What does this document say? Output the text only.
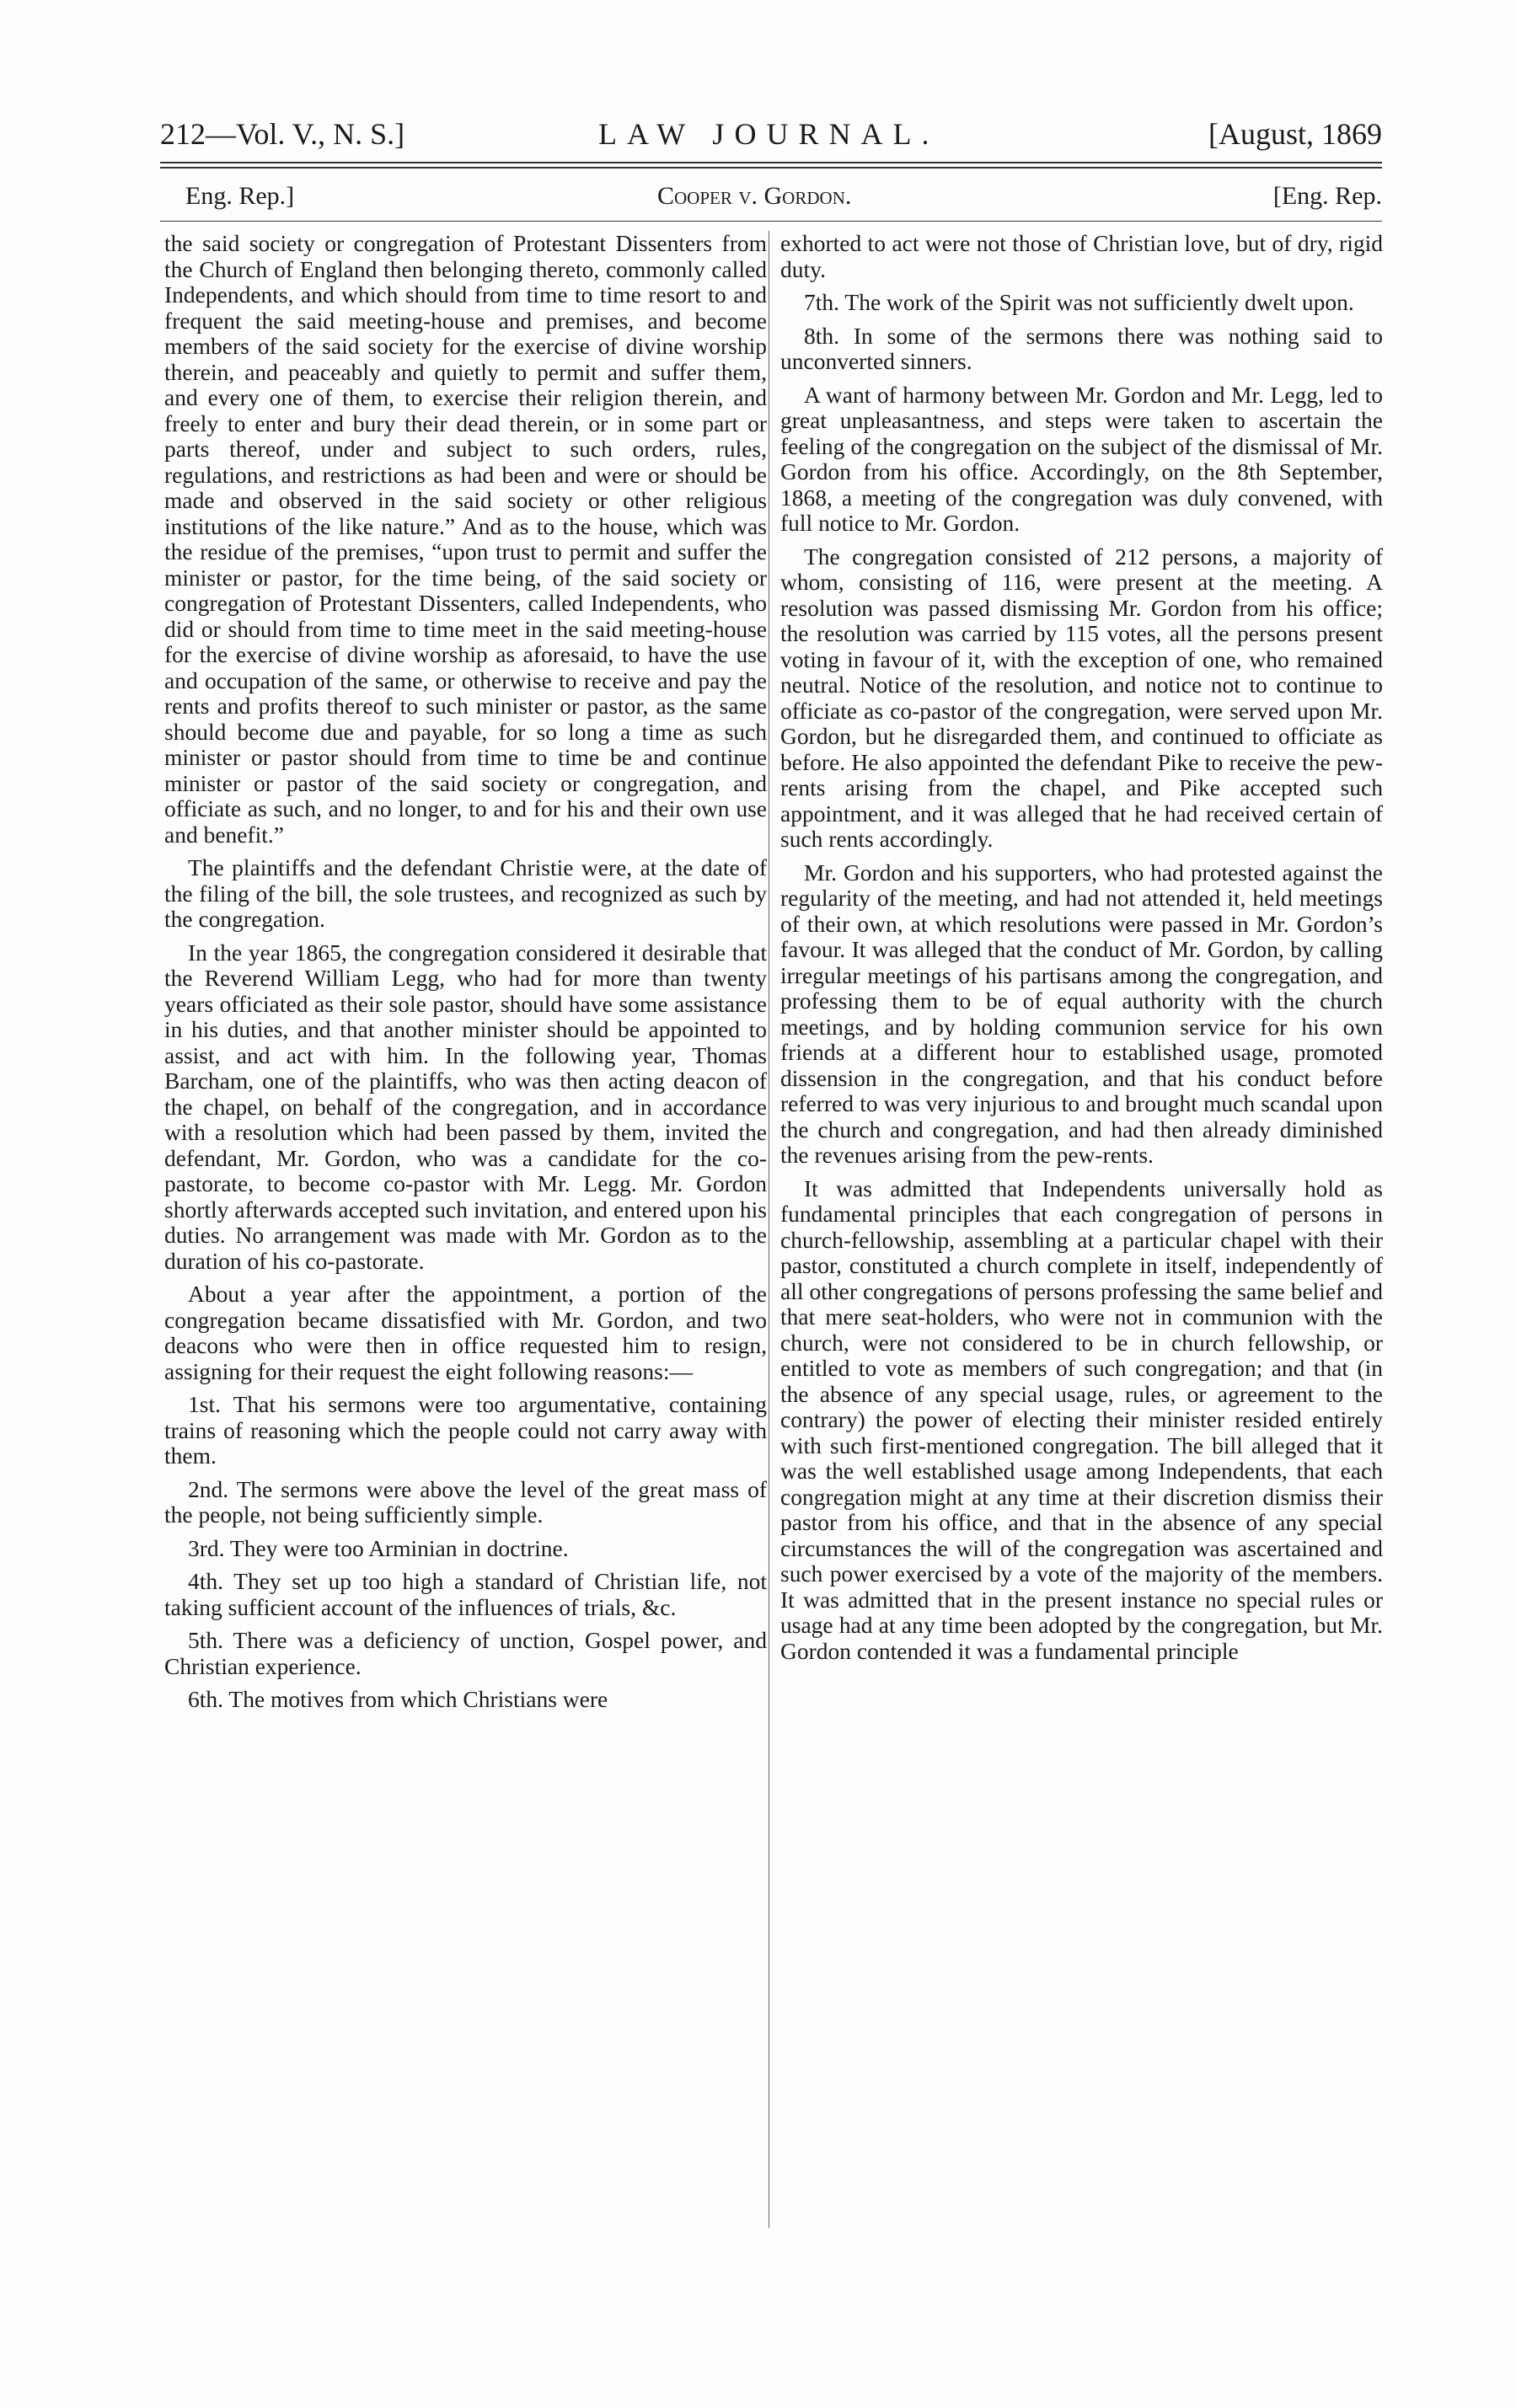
212—Vol. V., N. S.]	LAW JOURNAL.	[August, 1869
Eng. Rep.]	Cooper v. Gordon.	[Eng. Rep.

the said society or congregation of Protestant Dissenters from the Church of England then belonging thereto, commonly called Independents, and which should from time to time resort to and frequent the said meeting-house and premises, and become members of the said society for the exercise of divine worship therein, and peaceably and quietly to permit and suffer them, and every one of them, to exercise their religion therein, and freely to enter and bury their dead therein, or in some part or parts thereof, under and subject to such orders, rules, regulations, and restrictions as had been and were or should be made and observed in the said society or other religious institutions of the like nature.” And as to the house, which was the residue of the premises, “upon trust to permit and suffer the minister or pastor, for the time being, of the said society or congregation of Protestant Dissenters, called Independents, who did or should from time to time meet in the said meeting-house for the exercise of divine worship as aforesaid, to have the use and occupation of the same, or otherwise to receive and pay the rents and profits thereof to such minister or pastor, as the same should become due and payable, for so long a time as such minister or pastor should from time to time be and continue minister or pastor of the said society or congregation, and officiate as such, and no longer, to and for his and their own use and benefit.”

The plaintiffs and the defendant Christie were, at the date of the filing of the bill, the sole trustees, and recognized as such by the congregation.

In the year 1865, the congregation considered it desirable that the Reverend William Legg, who had for more than twenty years officiated as their sole pastor, should have some assistance in his duties, and that another minister should be appointed to assist, and act with him. In the following year, Thomas Barcham, one of the plaintiffs, who was then acting deacon of the chapel, on behalf of the congregation, and in accordance with a resolution which had been passed by them, invited the defendant, Mr. Gordon, who was a candidate for the co-pastorate, to become co-pastor with Mr. Legg. Mr. Gordon shortly afterwards accepted such invitation, and entered upon his duties. No arrangement was made with Mr. Gordon as to the duration of his co-pastorate.

About a year after the appointment, a portion of the congregation became dissatisfied with Mr. Gordon, and two deacons who were then in office requested him to resign, assigning for their request the eight following reasons:—

1st. That his sermons were too argumentative, containing trains of reasoning which the people could not carry away with them.

2nd. The sermons were above the level of the great mass of the people, not being sufficiently simple.

3rd. They were too Arminian in doctrine.

4th. They set up too high a standard of Christian life, not taking sufficient account of the influences of trials, &c.

5th. There was a deficiency of unction, Gospel power, and Christian experience.

6th. The motives from which Christians were

exhorted to act were not those of Christian love, but of dry, rigid duty.

7th. The work of the Spirit was not sufficiently dwelt upon.

8th. In some of the sermons there was nothing said to unconverted sinners.

A want of harmony between Mr. Gordon and Mr. Legg, led to great unpleasantness, and steps were taken to ascertain the feeling of the congregation on the subject of the dismissal of Mr. Gordon from his office. Accordingly, on the 8th September, 1868, a meeting of the congregation was duly convened, with full notice to Mr. Gordon.

The congregation consisted of 212 persons, a majority of whom, consisting of 116, were present at the meeting. A resolution was passed dismissing Mr. Gordon from his office; the resolution was carried by 115 votes, all the persons present voting in favour of it, with the exception of one, who remained neutral. Notice of the resolution, and notice not to continue to officiate as co-pastor of the congregation, were served upon Mr. Gordon, but he disregarded them, and continued to officiate as before. He also appointed the defendant Pike to receive the pew-rents arising from the chapel, and Pike accepted such appointment, and it was alleged that he had received certain of such rents accordingly.

Mr. Gordon and his supporters, who had protested against the regularity of the meeting, and had not attended it, held meetings of their own, at which resolutions were passed in Mr. Gordon’s favour. It was alleged that the conduct of Mr. Gordon, by calling irregular meetings of his partisans among the congregation, and professing them to be of equal authority with the church meetings, and by holding communion service for his own friends at a different hour to established usage, promoted dissension in the congregation, and that his conduct before referred to was very injurious to and brought much scandal upon the church and congregation, and had then already diminished the revenues arising from the pew-rents.

It was admitted that Independents universally hold as fundamental principles that each congregation of persons in church-fellowship, assembling at a particular chapel with their pastor, constituted a church complete in itself, independently of all other congregations of persons professing the same belief and that mere seat-holders, who were not in communion with the church, were not considered to be in church fellowship, or entitled to vote as members of such congregation; and that (in the absence of any special usage, rules, or agreement to the contrary) the power of electing their minister resided entirely with such first-mentioned congregation. The bill alleged that it was the well established usage among Independents, that each congregation might at any time at their discretion dismiss their pastor from his office, and that in the absence of any special circumstances the will of the congregation was ascertained and such power exercised by a vote of the majority of the members. It was admitted that in the present instance no special rules or usage had at any time been adopted by the congregation, but Mr. Gordon contended it was a fundamental principle
